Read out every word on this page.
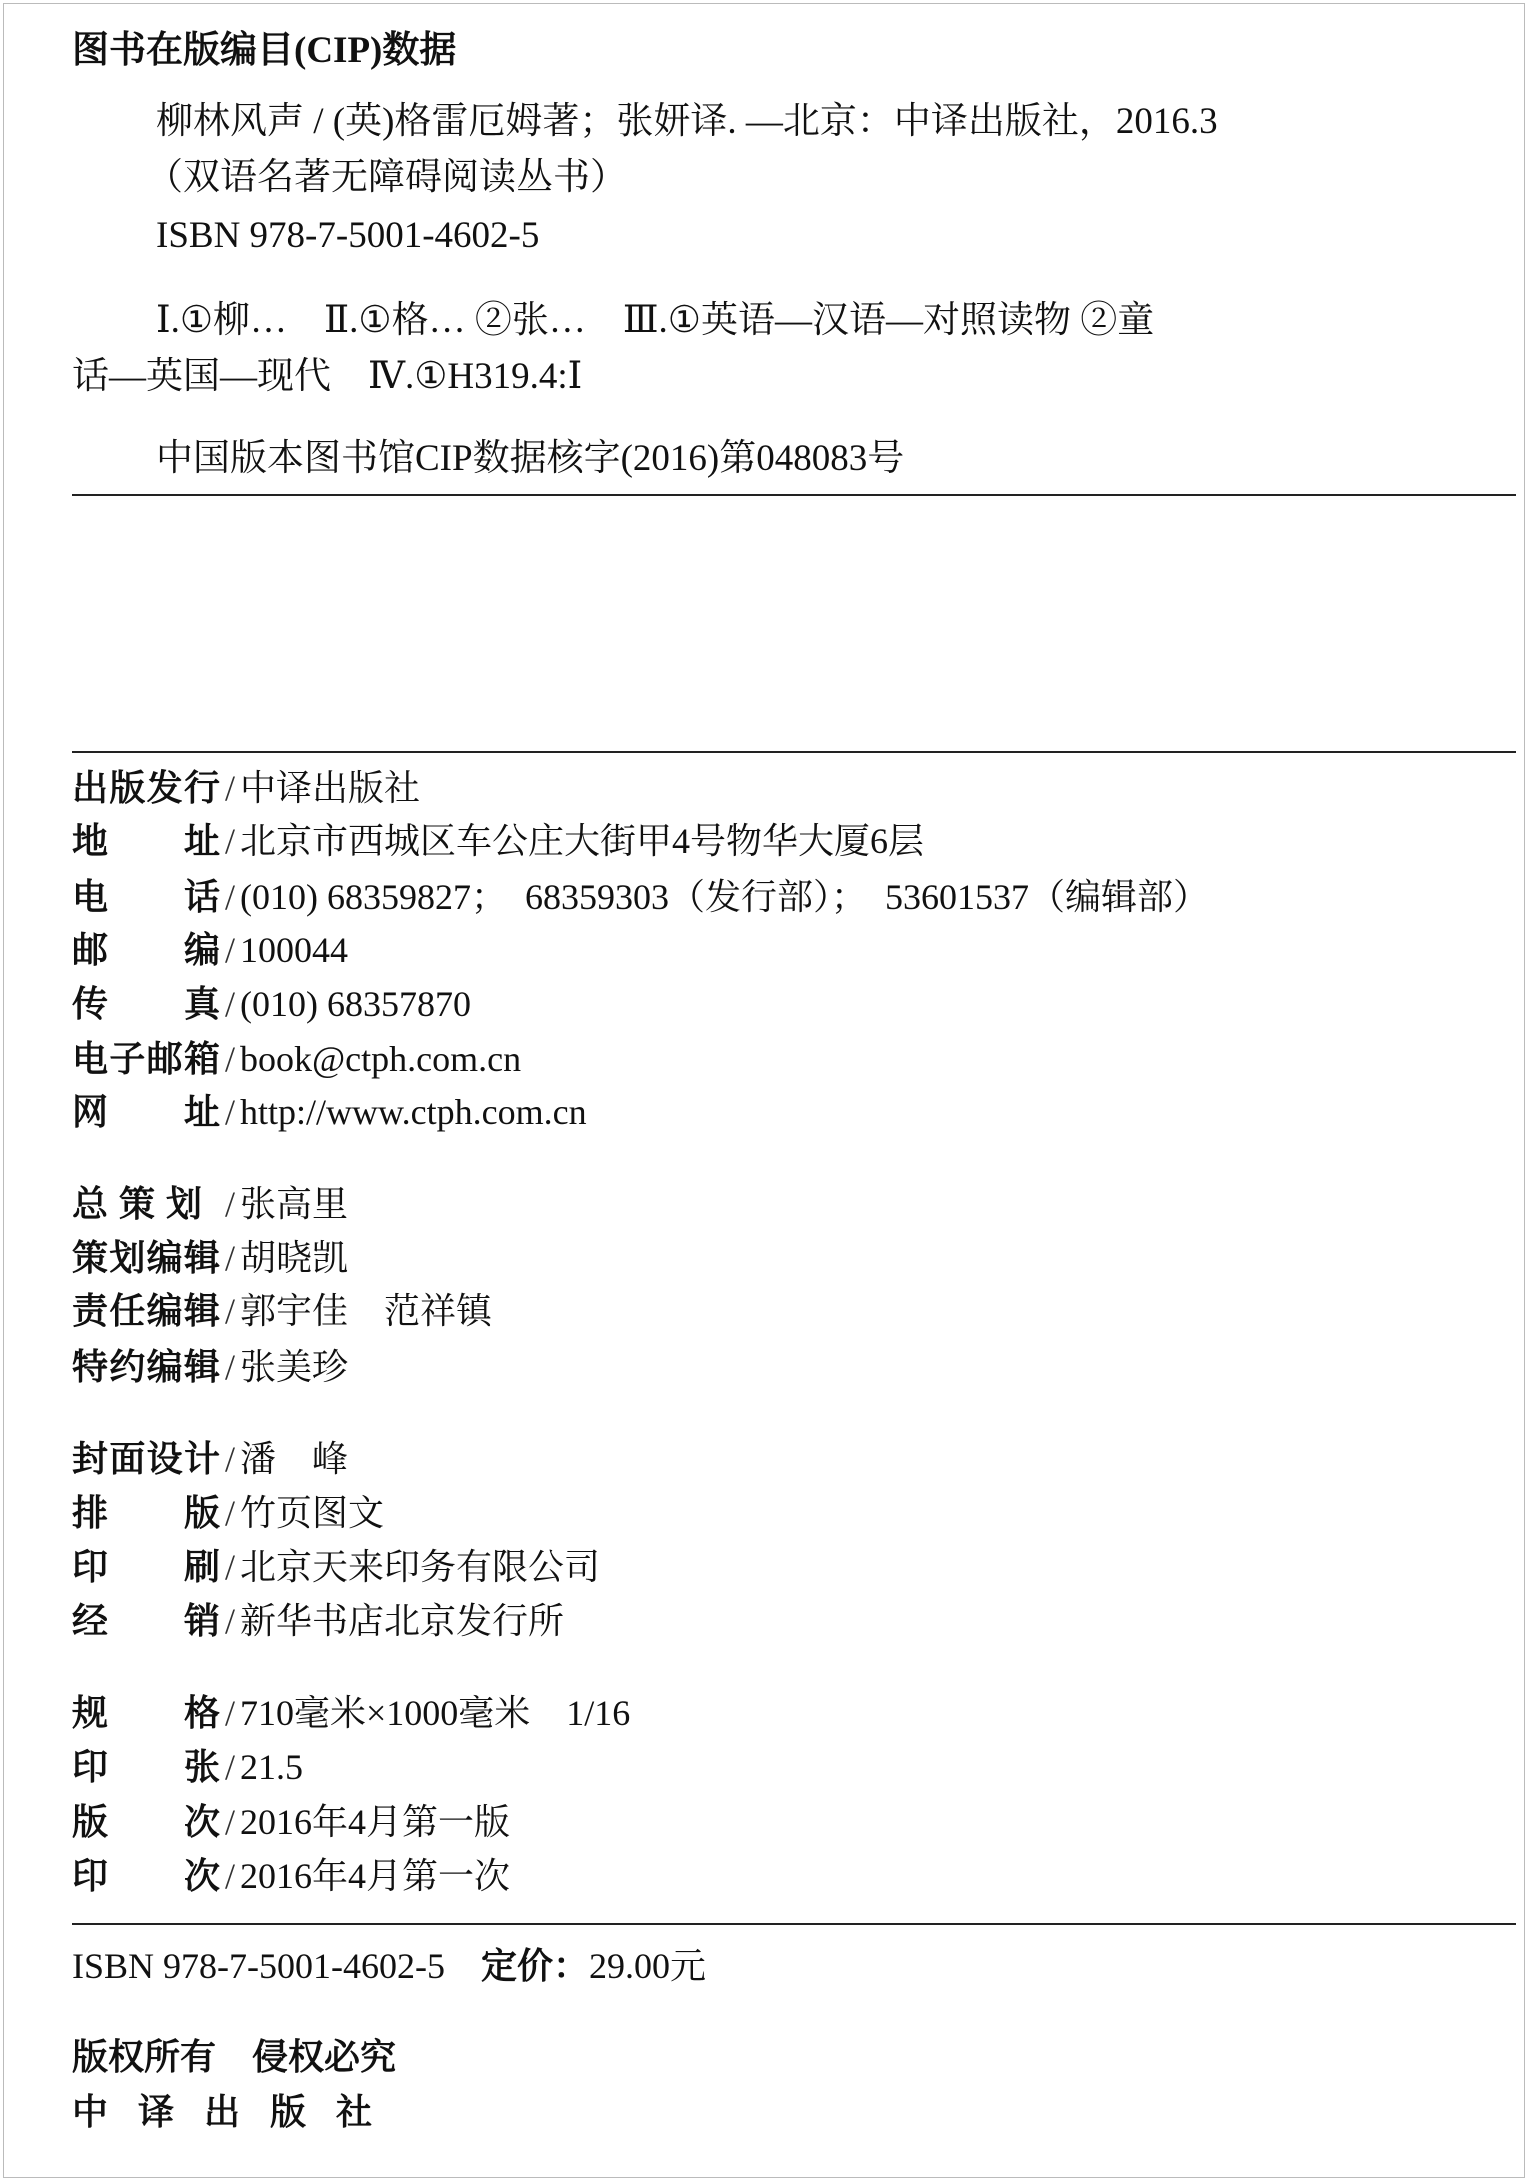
图书在版编目(CIP)数据
柳林风声 / (英)格雷厄姆著；张妍译. —北京：中译出版社，2016.3
（双语名著无障碍阅读丛书）
ISBN 978-7-5001-4602-5
Ⅰ.①柳…　Ⅱ.①格… ②张…　Ⅲ.①英语—汉语—对照读物 ②童
话—英国—现代　Ⅳ.①H319.4:Ⅰ
中国版本图书馆CIP数据核字(2016)第048083号
出版发行 / 中译出版社
地址 / 北京市西城区车公庄大街甲4号物华大厦6层
电话 / (010) 68359827；　68359303（发行部）；　53601537（编辑部）
邮编 / 100044
传真 / (010) 68357870
电子邮箱 / book@ctph.com.cn
网址 / http://www.ctph.com.cn
总策划 / 张高里
策划编辑 / 胡晓凯
责任编辑 / 郭宇佳　范祥镇
特约编辑 / 张美珍
封面设计 / 潘　峰
排版 / 竹页图文
印刷 / 北京天来印务有限公司
经销 / 新华书店北京发行所
规格 / 710毫米×1000毫米　1/16
印张 / 21.5
版次 / 2016年4月第一版
印次 / 2016年4月第一次
ISBN 978-7-5001-4602-5 定价： 29.00元
版权所有　侵权必究
中译出版社
